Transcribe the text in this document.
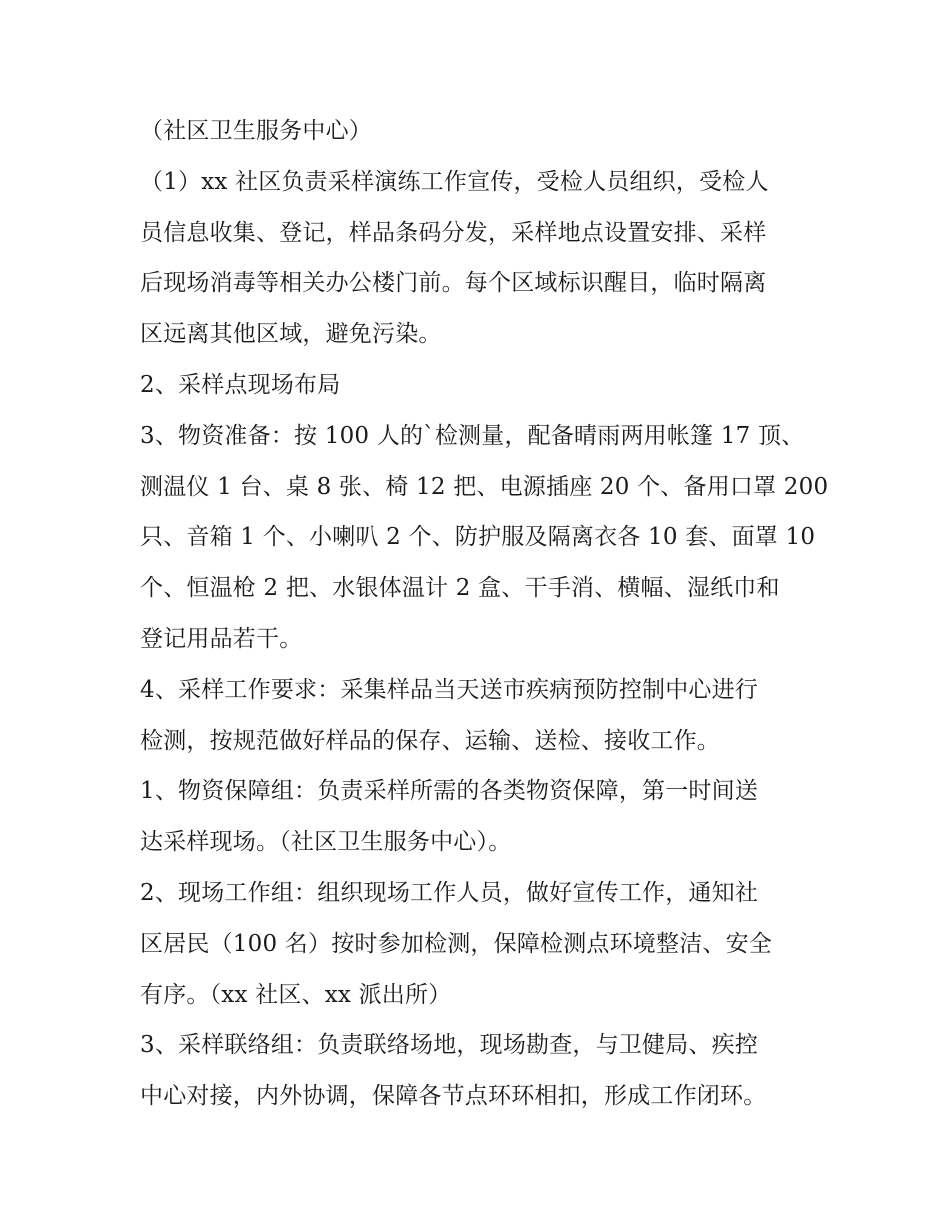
（社区卫生服务中心）
（1）xx 社区负责采样演练工作宣传，受检人员组织，受检人
员信息收集、登记，样品条码分发，采样地点设置安排、采样
后现场消毒等相关办公楼门前。每个区域标识醒目，临时隔离
区远离其他区域，避免污染。
2、采样点现场布局
3、物资准备：按 100 人的`检测量，配备晴雨两用帐篷 17 顶、
测温仪 1 台、桌 8 张、椅 12 把、电源插座 20 个、备用口罩 200
只、音箱 1 个、小喇叭 2 个、防护服及隔离衣各 10 套、面罩 10
个、恒温枪 2 把、水银体温计 2 盒、干手消、横幅、湿纸巾和
登记用品若干。
4、采样工作要求：采集样品当天送市疾病预防控制中心进行
检测，按规范做好样品的保存、运输、送检、接收工作。
1、物资保障组：负责采样所需的各类物资保障，第一时间送
达采样现场。（社区卫生服务中心）。
2、现场工作组：组织现场工作人员，做好宣传工作，通知社
区居民（100 名）按时参加检测，保障检测点环境整洁、安全
有序。（xx 社区、xx 派出所）
3、采样联络组：负责联络场地，现场勘查，与卫健局、疾控
中心对接，内外协调，保障各节点环环相扣，形成工作闭环。
